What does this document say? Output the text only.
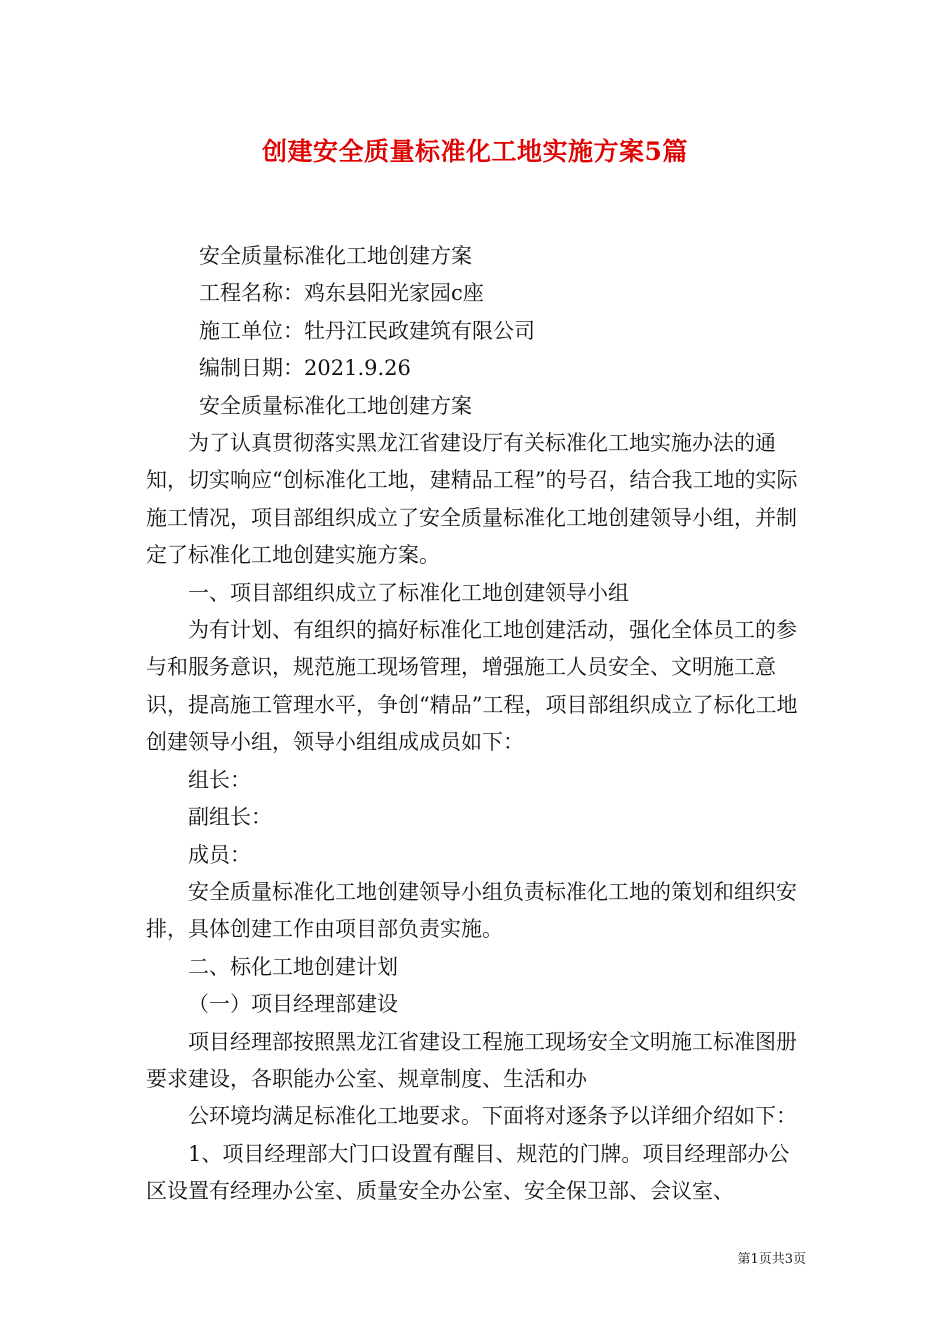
创建安全质量标准化工地实施方案5篇

安全质量标准化工地创建方案

工程名称：鸡东县阳光家园c座

施工单位：牡丹江民政建筑有限公司

编制日期：2021.9.26

安全质量标准化工地创建方案

为了认真贯彻落实黑龙江省建设厅有关标准化工地实施办法的通知，切实响应“创标准化工地，建精品工程”的号召，结合我工地的实际施工情况，项目部组织成立了安全质量标准化工地创建领导小组，并制定了标准化工地创建实施方案。

一、项目部组织成立了标准化工地创建领导小组

为有计划、有组织的搞好标准化工地创建活动，强化全体员工的参与和服务意识，规范施工现场管理，增强施工人员安全、文明施工意识，提高施工管理水平，争创“精品”工程，项目部组织成立了标化工地创建领导小组，领导小组组成成员如下：

组长：

副组长：

成员：

安全质量标准化工地创建领导小组负责标准化工地的策划和组织安排，具体创建工作由项目部负责实施。

二、标化工地创建计划

（一）项目经理部建设

项目经理部按照黑龙江省建设工程施工现场安全文明施工标准图册要求建设，各职能办公室、规章制度、生活和办

公环境均满足标准化工地要求。下面将对逐条予以详细介绍如下：

1、项目经理部大门口设置有醒目、规范的门牌。项目经理部办公区设置有经理办公室、质量安全办公室、安全保卫部、会议室、

第1页共3页
